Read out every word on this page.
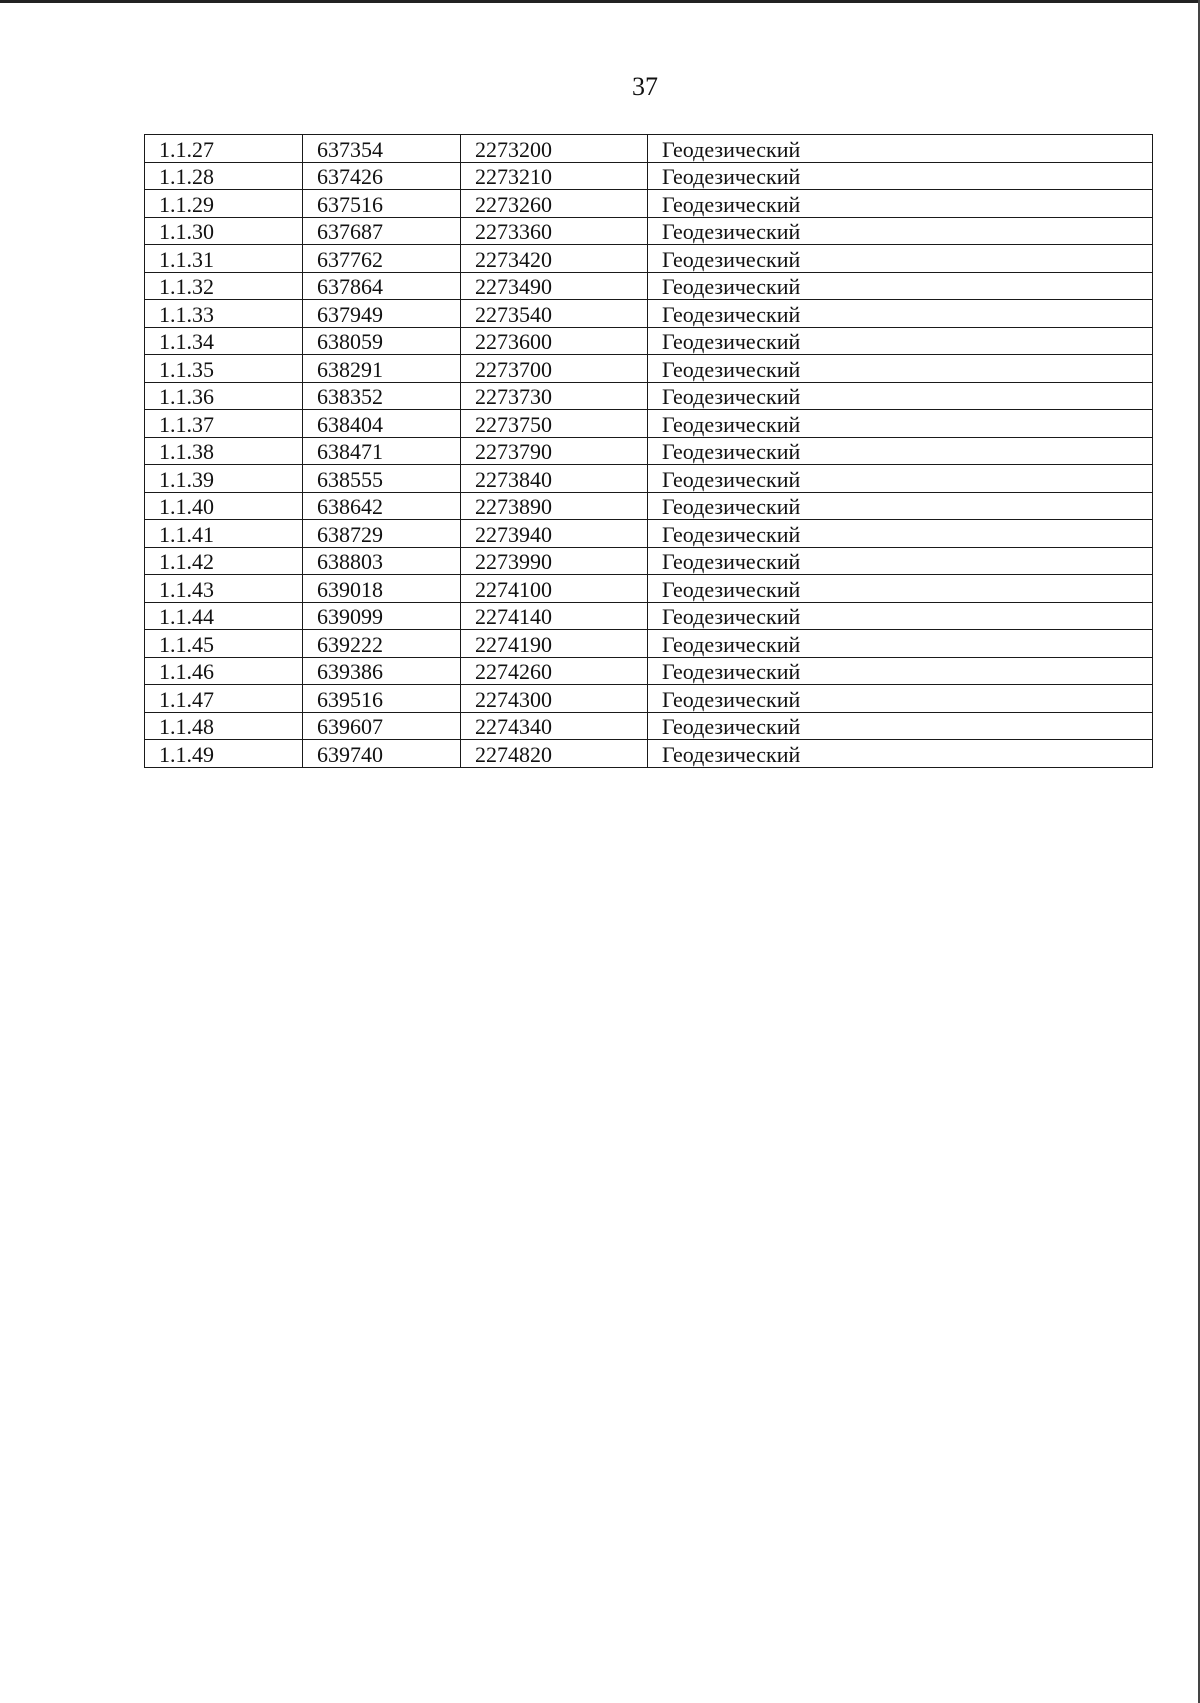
37
1.1.27	637354	2273200	Геодезический
1.1.28	637426	2273210	Геодезический
1.1.29	637516	2273260	Геодезический
1.1.30	637687	2273360	Геодезический
1.1.31	637762	2273420	Геодезический
1.1.32	637864	2273490	Геодезический
1.1.33	637949	2273540	Геодезический
1.1.34	638059	2273600	Геодезический
1.1.35	638291	2273700	Геодезический
1.1.36	638352	2273730	Геодезический
1.1.37	638404	2273750	Геодезический
1.1.38	638471	2273790	Геодезический
1.1.39	638555	2273840	Геодезический
1.1.40	638642	2273890	Геодезический
1.1.41	638729	2273940	Геодезический
1.1.42	638803	2273990	Геодезический
1.1.43	639018	2274100	Геодезический
1.1.44	639099	2274140	Геодезический
1.1.45	639222	2274190	Геодезический
1.1.46	639386	2274260	Геодезический
1.1.47	639516	2274300	Геодезический
1.1.48	639607	2274340	Геодезический
1.1.49	639740	2274820	Геодезический
